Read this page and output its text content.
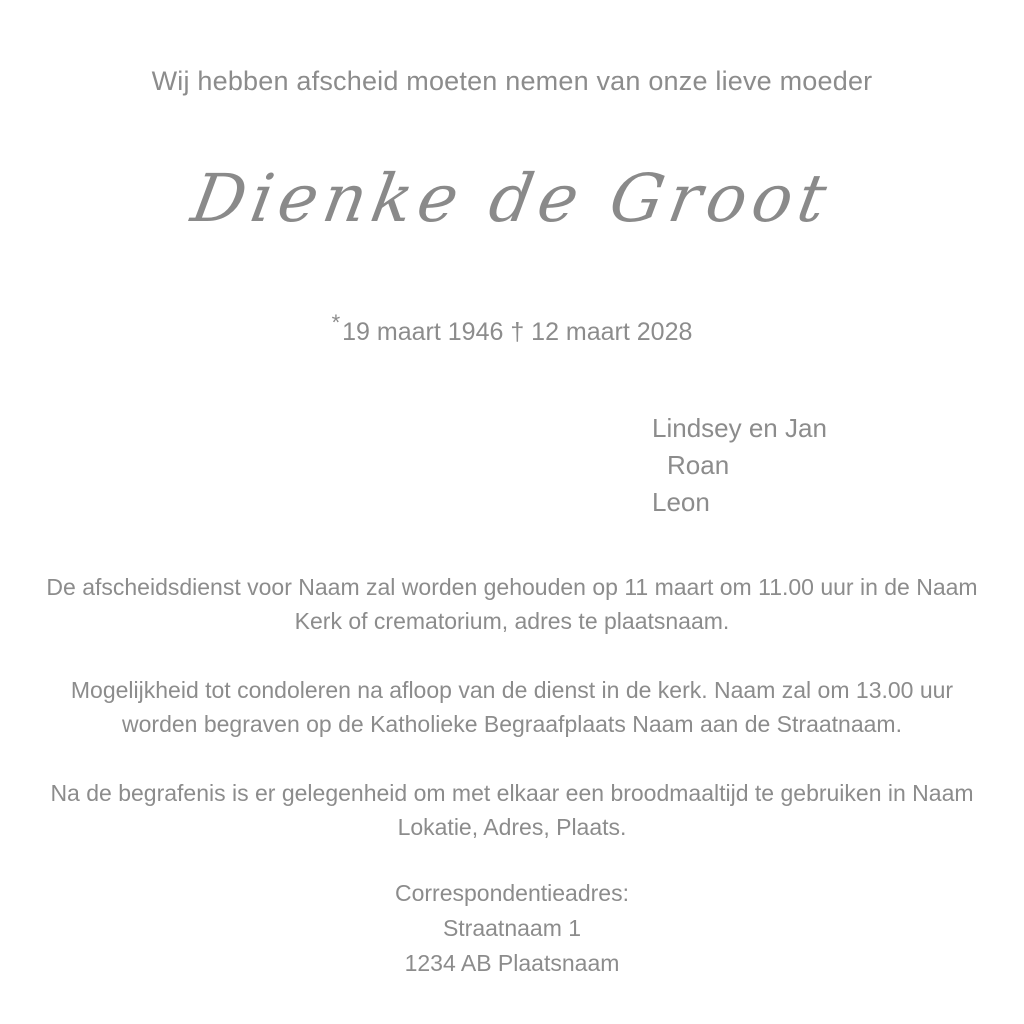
Wij hebben afscheid moeten nemen van onze lieve moeder

Dienke de Groot

*19 maart 1946 † 12 maart 2028

Lindsey en Jan
Roan
Leon

De afscheidsdienst voor Naam zal worden gehouden op 11 maart om 11.00 uur in de Naam Kerk of crematorium, adres te plaatsnaam.

Mogelijkheid tot condoleren na afloop van de dienst in de kerk. Naam zal om 13.00 uur worden begraven op de Katholieke Begraafplaats Naam aan de Straatnaam.

Na de begrafenis is er gelegenheid om met elkaar een broodmaaltijd te gebruiken in Naam Lokatie, Adres, Plaats.

Correspondentieadres:
Straatnaam 1
1234 AB Plaatsnaam
